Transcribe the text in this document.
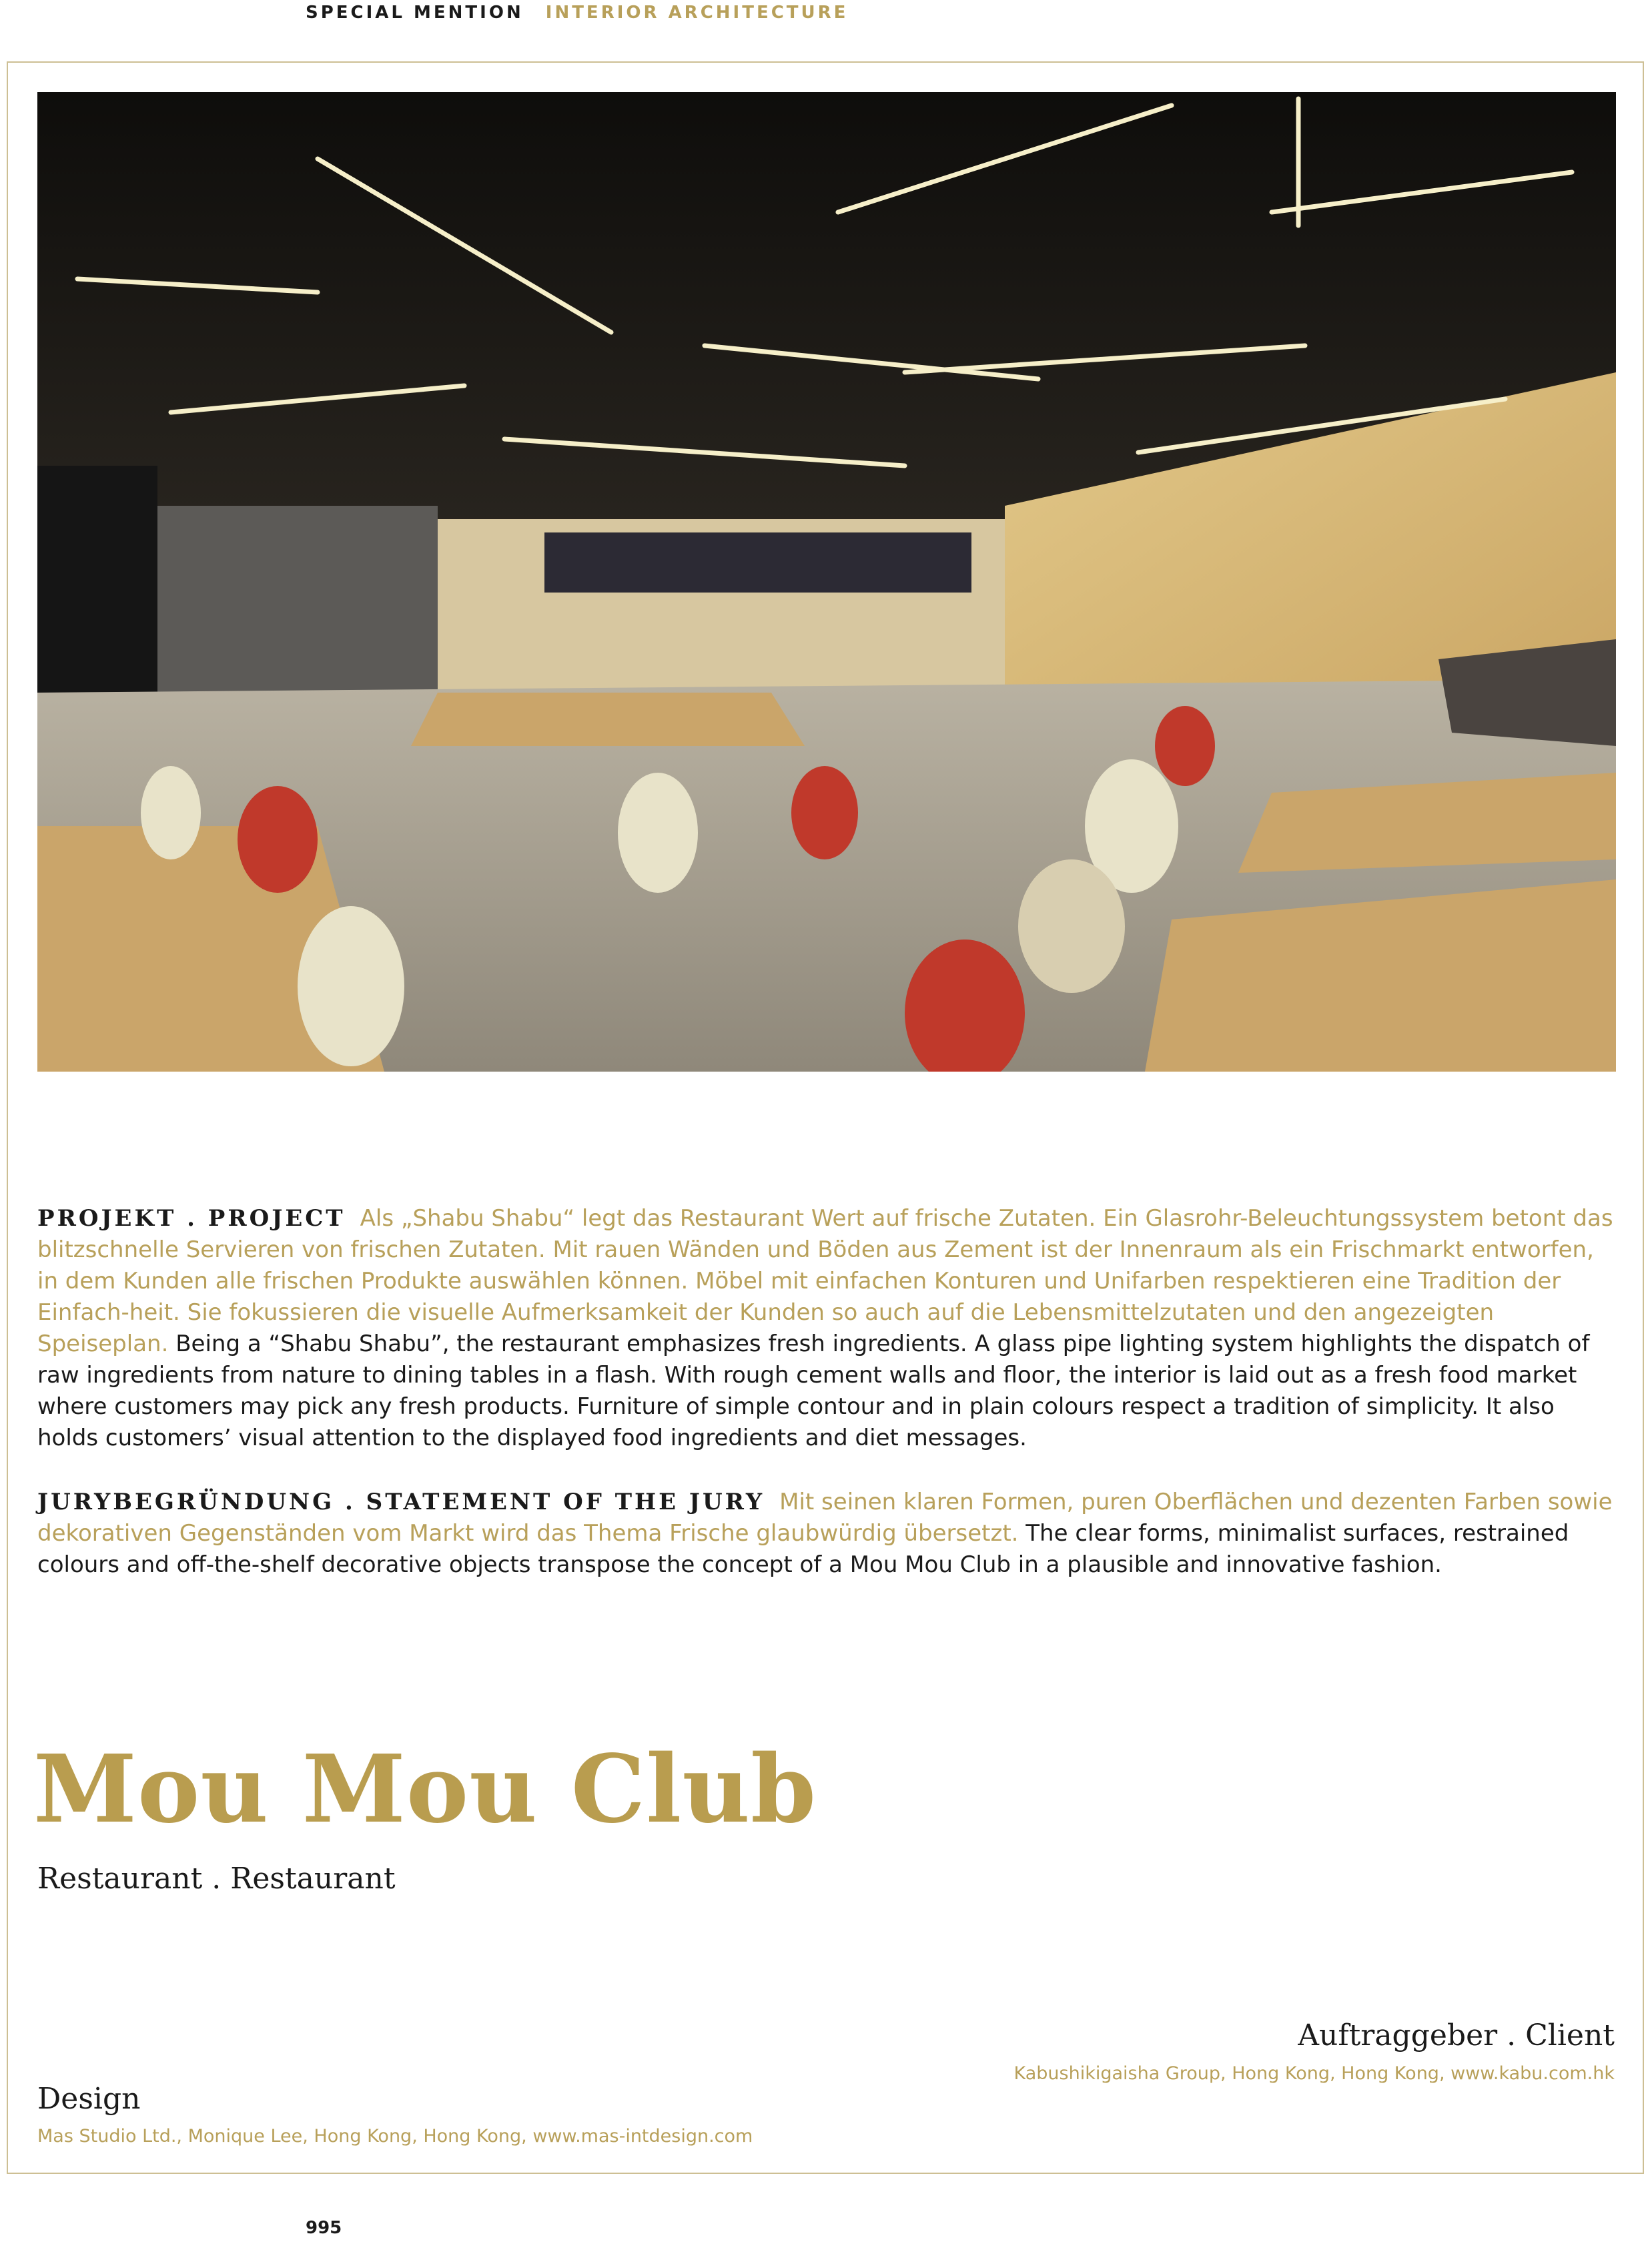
SPECIAL MENTION INTERIOR ARCHITECTURE
PROJEKT . PROJECT Als „Shabu Shabu“ legt das Restaurant Wert auf frische Zutaten. Ein Glasrohr-Beleuchtungssystem betont das blitzschnelle Servieren von frischen Zutaten. Mit rauen Wänden und Böden aus Zement ist der Innenraum als ein Frischmarkt entworfen, in dem Kunden alle frischen Produkte auswählen können. Möbel mit einfachen Konturen und Unifarben respektieren eine Tradition der Einfach-heit. Sie fokussieren die visuelle Aufmerksamkeit der Kunden so auch auf die Lebensmittelzutaten und den angezeigten Speiseplan. Being a “Shabu Shabu”, the restaurant emphasizes fresh ingredients. A glass pipe lighting system highlights the dispatch of raw ingredients from nature to dining tables in a flash. With rough cement walls and floor, the interior is laid out as a fresh food market where customers may pick any fresh products. Furniture of simple contour and in plain colours respect a tradition of simplicity. It also holds customers’ visual attention to the displayed food ingredients and diet messages.
JURYBEGRÜNDUNG . STATEMENT OF THE JURY Mit seinen klaren Formen, puren Oberflächen und dezenten Farben sowie dekorativen Gegenständen vom Markt wird das Thema Frische glaubwürdig übersetzt. The clear forms, minimalist surfaces, restrained colours and off-the-shelf decorative objects transpose the concept of a Mou Mou Club in a plausible and innovative fashion.
Mou Mou Club
Restaurant . Restaurant
Auftraggeber . Client
Kabushikigaisha Group, Hong Kong, Hong Kong, www.kabu.com.hk
Design
Mas Studio Ltd., Monique Lee, Hong Kong, Hong Kong, www.mas-intdesign.com
995
